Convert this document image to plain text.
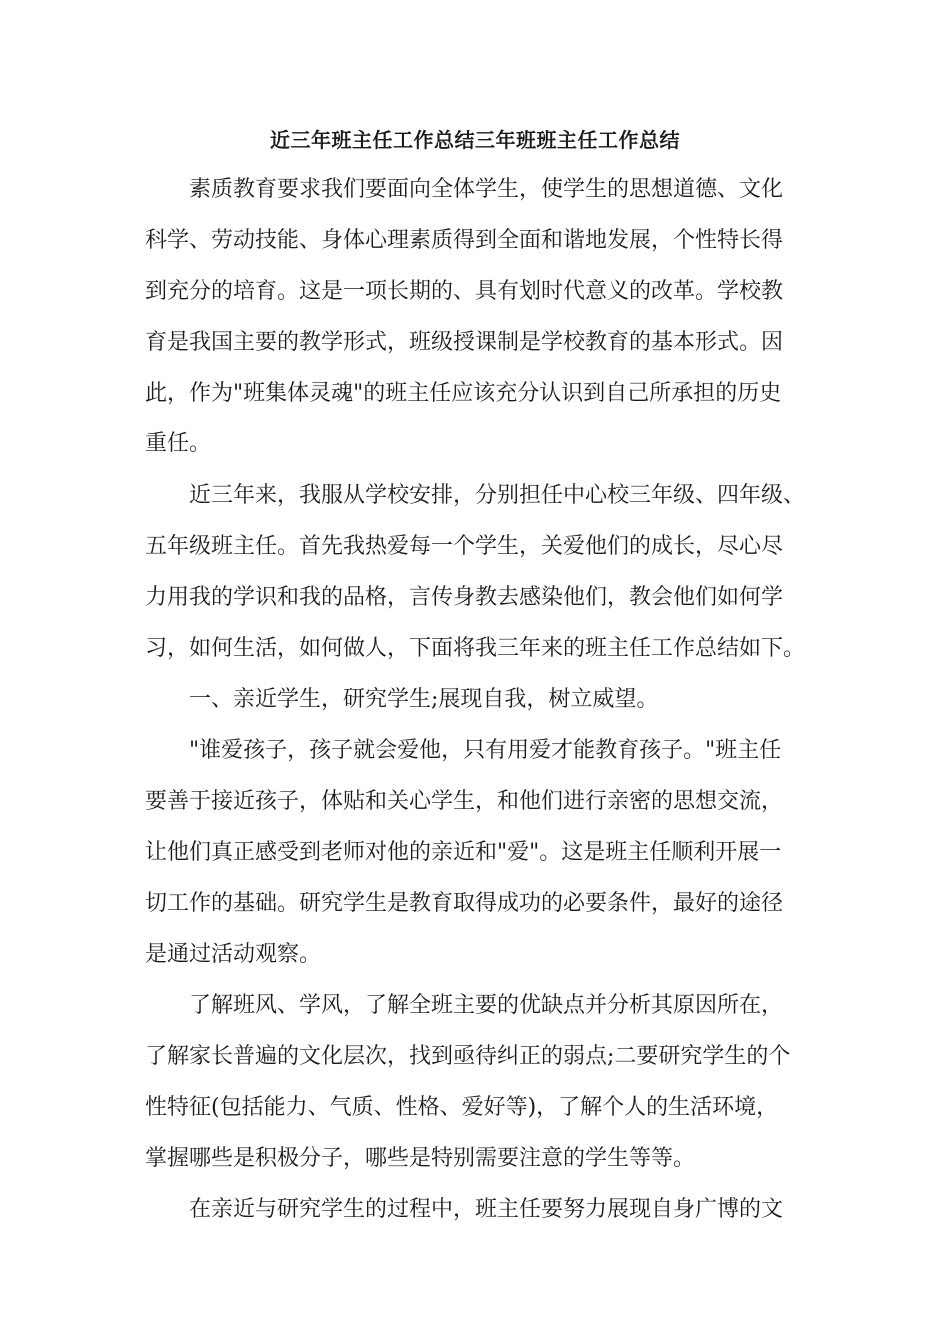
近三年班主任工作总结三年班班主任工作总结
素质教育要求我们要面向全体学生，使学生的思想道德、文化
科学、劳动技能、身体心理素质得到全面和谐地发展，个性特长得
到充分的培育。这是一项长期的、具有划时代意义的改革。学校教
育是我国主要的教学形式，班级授课制是学校教育的基本形式。因
此，作为"班集体灵魂"的班主任应该充分认识到自己所承担的历史
重任。
近三年来，我服从学校安排，分别担任中心校三年级、四年级、
五年级班主任。首先我热爱每一个学生，关爱他们的成长，尽心尽
力用我的学识和我的品格，言传身教去感染他们，教会他们如何学
习，如何生活，如何做人，下面将我三年来的班主任工作总结如下。
一、亲近学生，研究学生;展现自我，树立威望。
"谁爱孩子，孩子就会爱他，只有用爱才能教育孩子。"班主任
要善于接近孩子，体贴和关心学生，和他们进行亲密的思想交流，
让他们真正感受到老师对他的亲近和"爱"。这是班主任顺利开展一
切工作的基础。研究学生是教育取得成功的必要条件，最好的途径
是通过活动观察。
了解班风、学风，了解全班主要的优缺点并分析其原因所在，
了解家长普遍的文化层次，找到亟待纠正的弱点;二要研究学生的个
性特征(包括能力、气质、性格、爱好等)，了解个人的生活环境，
掌握哪些是积极分子，哪些是特别需要注意的学生等等。
在亲近与研究学生的过程中，班主任要努力展现自身广博的文
